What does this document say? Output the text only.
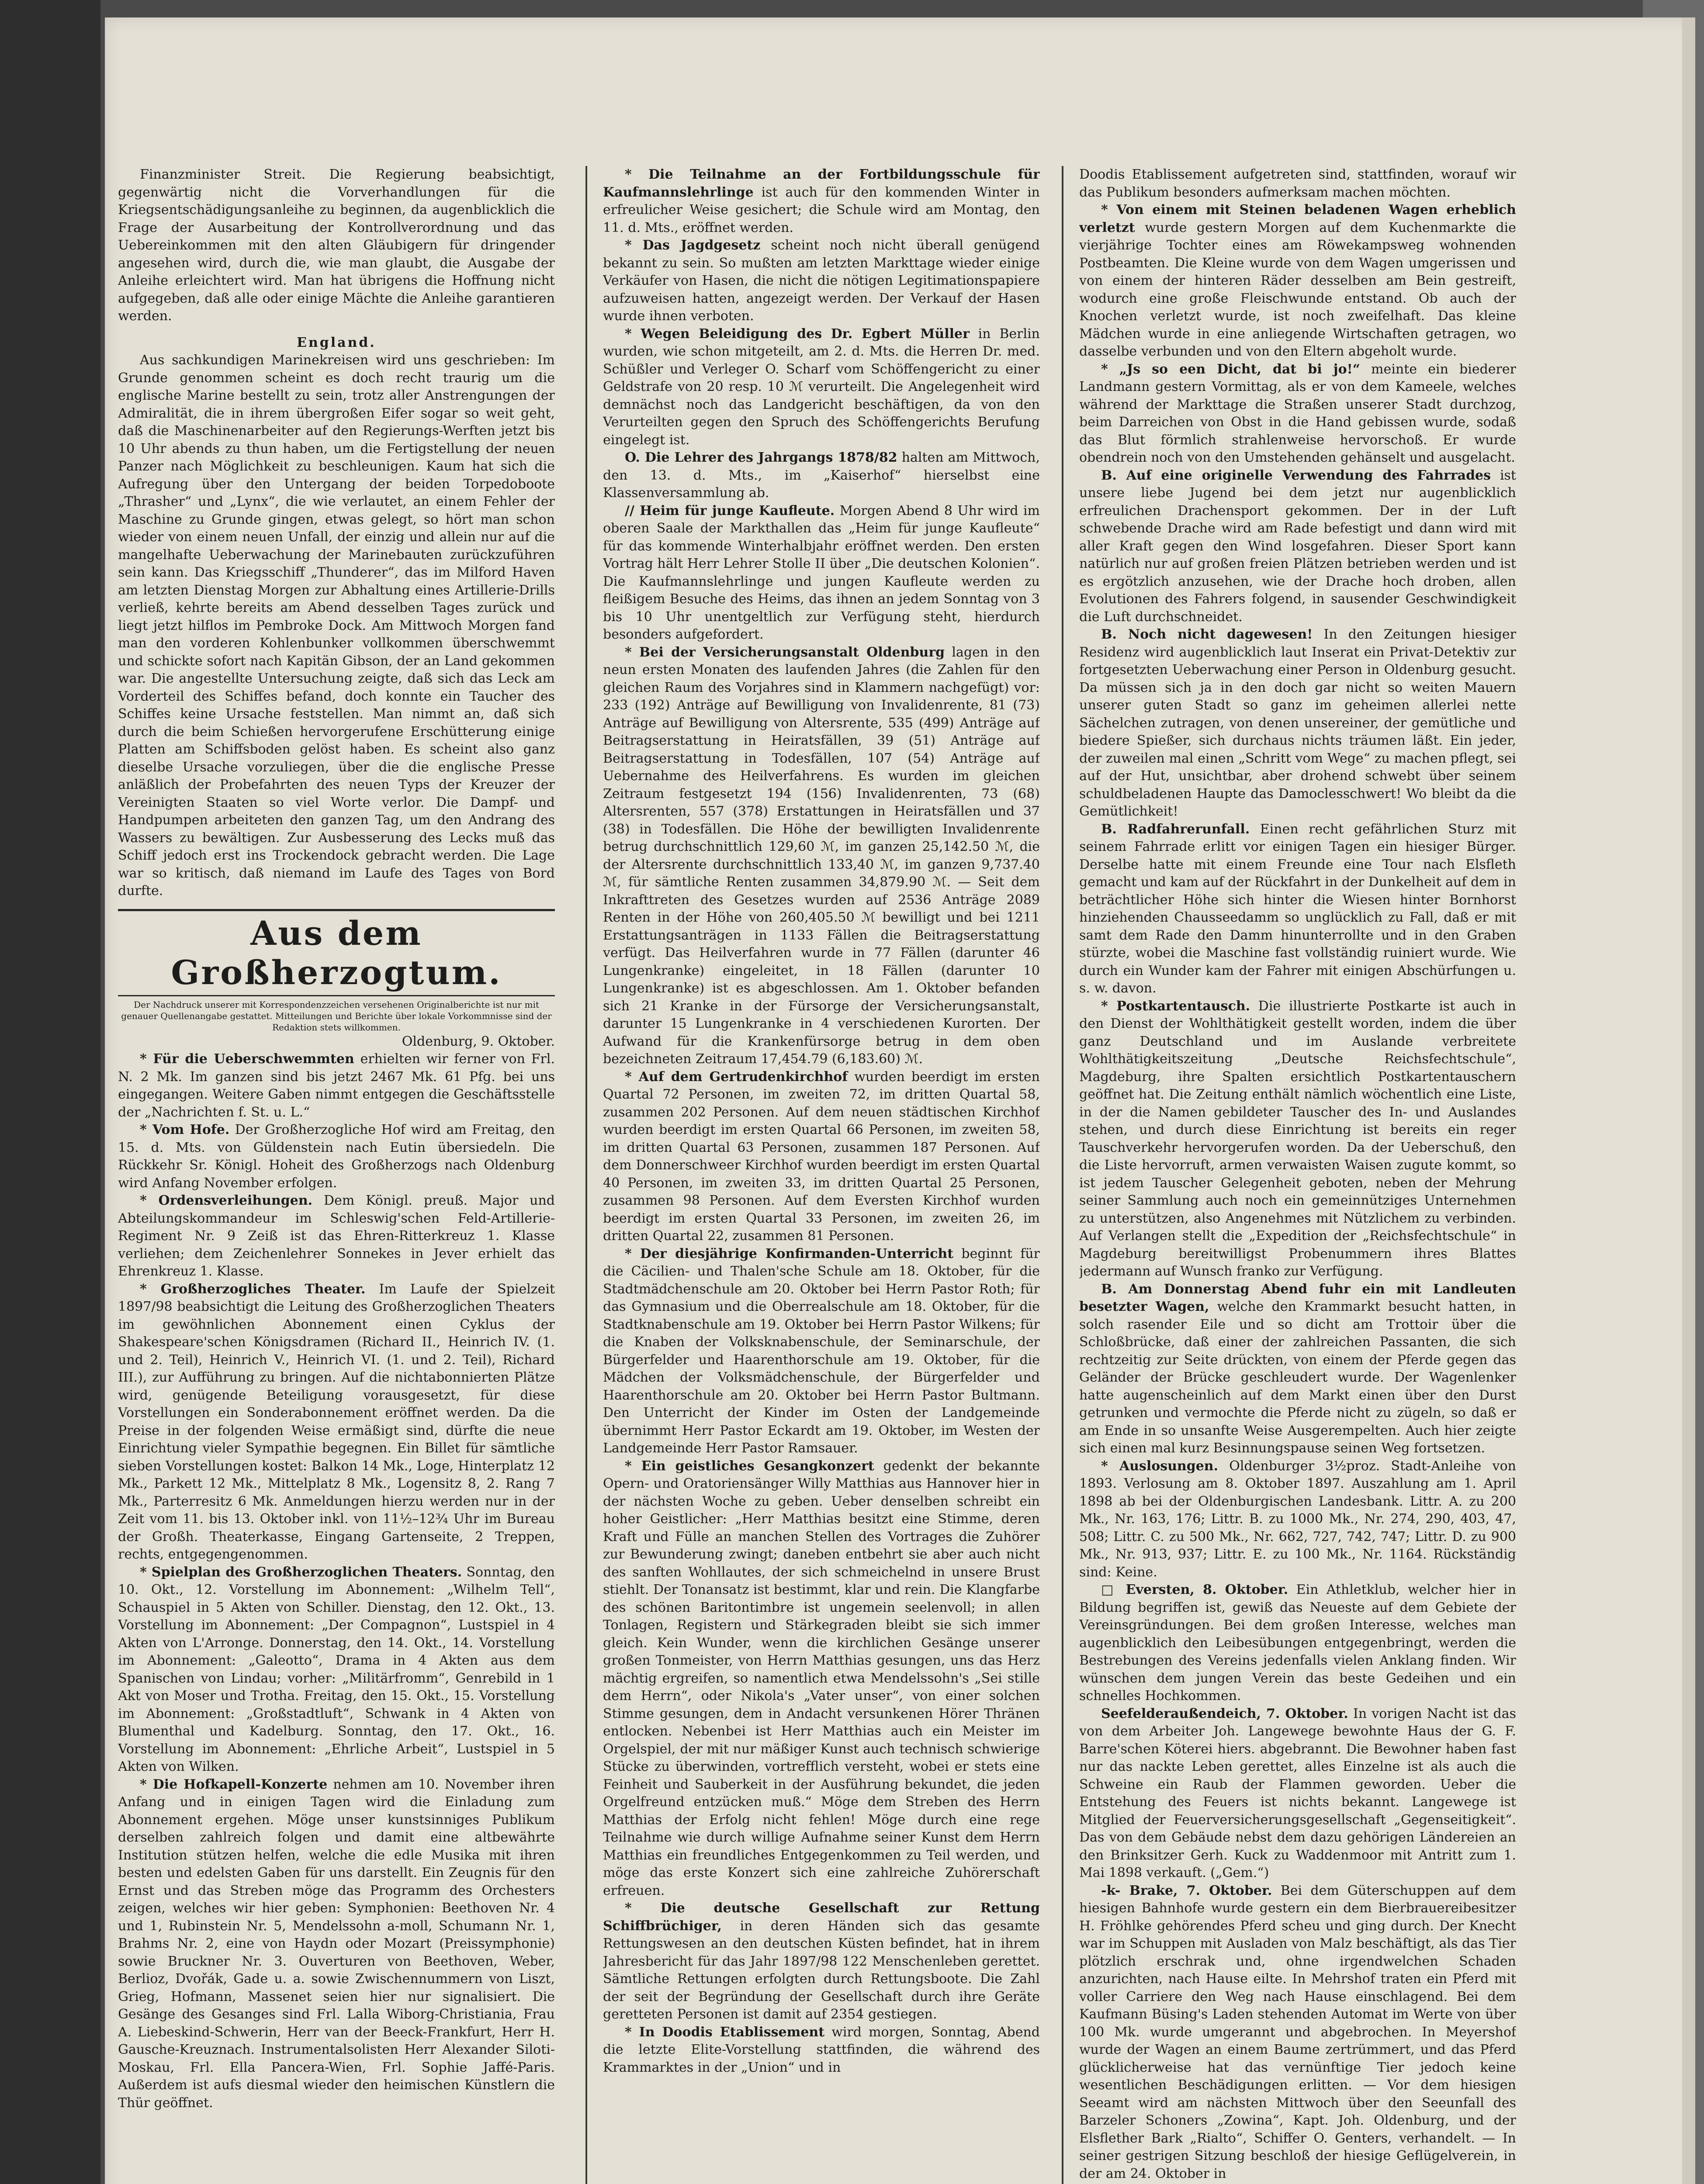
Finanzminister Streit. Die Regierung beabsichtigt, gegenwärtig nicht die Vorverhandlungen für die Kriegsentschädigungsanleihe zu beginnen, da augenblicklich die Frage der Ausarbeitung der Kontrollverordnung und das Uebereinkommen mit den alten Gläubigern für dringender angesehen wird, durch die, wie man glaubt, die Ausgabe der Anleihe erleichtert wird. Man hat übrigens die Hoffnung nicht aufgegeben, daß alle oder einige Mächte die Anleihe garantieren werden.

England.

Aus sachkundigen Marinekreisen wird uns geschrieben: Im Grunde genommen scheint es doch recht traurig um die englische Marine bestellt zu sein, trotz aller Anstrengungen der Admiralität, die in ihrem übergroßen Eifer sogar so weit geht, daß die Maschinenarbeiter auf den Regierungs-Werften jetzt bis 10 Uhr abends zu thun haben, um die Fertigstellung der neuen Panzer nach Möglichkeit zu beschleunigen. Kaum hat sich die Aufregung über den Untergang der beiden Torpedoboote „Thrasher“ und „Lynx“, die wie verlautet, an einem Fehler der Maschine zu Grunde gingen, etwas gelegt, so hört man schon wieder von einem neuen Unfall, der einzig und allein nur auf die mangelhafte Ueberwachung der Marinebauten zurückzuführen sein kann. Das Kriegsschiff „Thunderer“, das im Milford Haven am letzten Dienstag Morgen zur Abhaltung eines Artillerie-Drills verließ, kehrte bereits am Abend desselben Tages zurück und liegt jetzt hilflos im Pembroke Dock. Am Mittwoch Morgen fand man den vorderen Kohlenbunker vollkommen überschwemmt und schickte sofort nach Kapitän Gibson, der an Land gekommen war. Die angestellte Untersuchung zeigte, daß sich das Leck am Vorderteil des Schiffes befand, doch konnte ein Taucher des Schiffes keine Ursache feststellen. Man nimmt an, daß sich durch die beim Schießen hervorgerufene Erschütterung einige Platten am Schiffsboden gelöst haben. Es scheint also ganz dieselbe Ursache vorzuliegen, über die die englische Presse anläßlich der Probefahrten des neuen Typs der Kreuzer der Vereinigten Staaten so viel Worte verlor. Die Dampf- und Handpumpen arbeiteten den ganzen Tag, um den Andrang des Wassers zu bewältigen. Zur Ausbesserung des Lecks muß das Schiff jedoch erst ins Trockendock gebracht werden. Die Lage war so kritisch, daß niemand im Laufe des Tages von Bord durfte.

Aus dem Großherzogtum.

Der Nachdruck unserer mit Korrespondenzzeichen versehenen Originalberichte ist nur mit genauer Quellenangabe gestattet. Mitteilungen und Berichte über lokale Vorkommnisse sind der Redaktion stets willkommen.

Oldenburg, 9. Oktober.

* Für die Ueberschwemmten erhielten wir ferner von Frl. N. 2 Mk. Im ganzen sind bis jetzt 2467 Mk. 61 Pfg. bei uns eingegangen. Weitere Gaben nimmt entgegen die Geschäftsstelle der „Nachrichten f. St. u. L.“

* Vom Hofe. Der Großherzogliche Hof wird am Freitag, den 15. d. Mts. von Güldenstein nach Eutin übersiedeln. Die Rückkehr Sr. Königl. Hoheit des Großherzogs nach Oldenburg wird Anfang November erfolgen.

* Ordensverleihungen. Dem Königl. preuß. Major und Abteilungskommandeur im Schleswig'schen Feld-Artillerie-Regiment Nr. 9 Zeiß ist das Ehren-Ritterkreuz 1. Klasse verliehen; dem Zeichenlehrer Sonnekes in Jever erhielt das Ehrenkreuz 1. Klasse.

* Großherzogliches Theater. Im Laufe der Spielzeit 1897/98 beabsichtigt die Leitung des Großherzoglichen Theaters im gewöhnlichen Abonnement einen Cyklus der Shakespeare'schen Königsdramen (Richard II., Heinrich IV. (1. und 2. Teil), Heinrich V., Heinrich VI. (1. und 2. Teil), Richard III.), zur Aufführung zu bringen. Auf die nichtabonnierten Plätze wird, genügende Beteiligung vorausgesetzt, für diese Vorstellungen ein Sonderabonnement eröffnet werden. Da die Preise in der folgenden Weise ermäßigt sind, dürfte die neue Einrichtung vieler Sympathie begegnen. Ein Billet für sämtliche sieben Vorstellungen kostet: Balkon 14 Mk., Loge, Hinterplatz 12 Mk., Parkett 12 Mk., Mittelplatz 8 Mk., Logensitz 8, 2. Rang 7 Mk., Parterresitz 6 Mk. Anmeldungen hierzu werden nur in der Zeit vom 11. bis 13. Oktober inkl. von 11½–12¾ Uhr im Bureau der Großh. Theaterkasse, Eingang Gartenseite, 2 Treppen, rechts, entgegengenommen.

* Spielplan des Großherzoglichen Theaters. Sonntag, den 10. Okt., 12. Vorstellung im Abonnement: „Wilhelm Tell“, Schauspiel in 5 Akten von Schiller. Dienstag, den 12. Okt., 13. Vorstellung im Abonnement: „Der Compagnon“, Lustspiel in 4 Akten von L'Arronge. Donnerstag, den 14. Okt., 14. Vorstellung im Abonnement: „Galeotto“, Drama in 4 Akten aus dem Spanischen von Lindau; vorher: „Militärfromm“, Genrebild in 1 Akt von Moser und Trotha. Freitag, den 15. Okt., 15. Vorstellung im Abonnement: „Großstadtluft“, Schwank in 4 Akten von Blumenthal und Kadelburg. Sonntag, den 17. Okt., 16. Vorstellung im Abonnement: „Ehrliche Arbeit“, Lustspiel in 5 Akten von Wilken.

* Die Hofkapell-Konzerte nehmen am 10. November ihren Anfang und in einigen Tagen wird die Einladung zum Abonnement ergehen. Möge unser kunstsinniges Publikum derselben zahlreich folgen und damit eine altbewährte Institution stützen helfen, welche die edle Musika mit ihren besten und edelsten Gaben für uns darstellt. Ein Zeugnis für den Ernst und das Streben möge das Programm des Orchesters zeigen, welches wir hier geben: Symphonien: Beethoven Nr. 4 und 1, Rubinstein Nr. 5, Mendelssohn a-moll, Schumann Nr. 1, Brahms Nr. 2, eine von Haydn oder Mozart (Preissymphonie) sowie Bruckner Nr. 3. Ouverturen von Beethoven, Weber, Berlioz, Dvořák, Gade u. a. sowie Zwischennummern von Liszt, Grieg, Hofmann, Massenet seien hier nur signalisiert. Die Gesänge des Gesanges sind Frl. Lalla Wiborg-Christiania, Frau A. Liebeskind-Schwerin, Herr van der Beeck-Frankfurt, Herr H. Gausche-Kreuznach. Instrumentalsolisten Herr Alexander Siloti-Moskau, Frl. Ella Pancera-Wien, Frl. Sophie Jaffé-Paris. Außerdem ist aufs diesmal wieder den heimischen Künstlern die Thür geöffnet.

* Die Teilnahme an der Fortbildungsschule für Kaufmannslehrlinge ist auch für den kommenden Winter in erfreulicher Weise gesichert; die Schule wird am Montag, den 11. d. Mts., eröffnet werden.

* Das Jagdgesetz scheint noch nicht überall genügend bekannt zu sein. So mußten am letzten Markttage wieder einige Verkäufer von Hasen, die nicht die nötigen Legitimationspapiere aufzuweisen hatten, angezeigt werden. Der Verkauf der Hasen wurde ihnen verboten.

* Wegen Beleidigung des Dr. Egbert Müller in Berlin wurden, wie schon mitgeteilt, am 2. d. Mts. die Herren Dr. med. Schüßler und Verleger O. Scharf vom Schöffengericht zu einer Geldstrafe von 20 resp. 10 ℳ verurteilt. Die Angelegenheit wird demnächst noch das Landgericht beschäftigen, da von den Verurteilten gegen den Spruch des Schöffengerichts Berufung eingelegt ist.

O. Die Lehrer des Jahrgangs 1878/82 halten am Mittwoch, den 13. d. Mts., im „Kaiserhof“ hierselbst eine Klassenversammlung ab.

// Heim für junge Kaufleute. Morgen Abend 8 Uhr wird im oberen Saale der Markthallen das „Heim für junge Kaufleute“ für das kommende Winterhalbjahr eröffnet werden. Den ersten Vortrag hält Herr Lehrer Stolle II über „Die deutschen Kolonien“. Die Kaufmannslehrlinge und jungen Kaufleute werden zu fleißigem Besuche des Heims, das ihnen an jedem Sonntag von 3 bis 10 Uhr unentgeltlich zur Verfügung steht, hierdurch besonders aufgefordert.

* Bei der Versicherungsanstalt Oldenburg lagen in den neun ersten Monaten des laufenden Jahres (die Zahlen für den gleichen Raum des Vorjahres sind in Klammern nachgefügt) vor: 233 (192) Anträge auf Bewilligung von Invalidenrente, 81 (73) Anträge auf Bewilligung von Altersrente, 535 (499) Anträge auf Beitragserstattung in Heiratsfällen, 39 (51) Anträge auf Beitragserstattung in Todesfällen, 107 (54) Anträge auf Uebernahme des Heilverfahrens. Es wurden im gleichen Zeitraum festgesetzt 194 (156) Invalidenrenten, 73 (68) Altersrenten, 557 (378) Erstattungen in Heiratsfällen und 37 (38) in Todesfällen. Die Höhe der bewilligten Invalidenrente betrug durchschnittlich 129,60 ℳ, im ganzen 25,142.50 ℳ, die der Altersrente durchschnittlich 133,40 ℳ, im ganzen 9,737.40 ℳ, für sämtliche Renten zusammen 34,879.90 ℳ. — Seit dem Inkrafttreten des Gesetzes wurden auf 2536 Anträge 2089 Renten in der Höhe von 260,405.50 ℳ bewilligt und bei 1211 Erstattungsanträgen in 1133 Fällen die Beitragserstattung verfügt. Das Heilverfahren wurde in 77 Fällen (darunter 46 Lungenkranke) eingeleitet, in 18 Fällen (darunter 10 Lungenkranke) ist es abgeschlossen. Am 1. Oktober befanden sich 21 Kranke in der Fürsorge der Versicherungsanstalt, darunter 15 Lungenkranke in 4 verschiedenen Kurorten. Der Aufwand für die Krankenfürsorge betrug in dem oben bezeichneten Zeitraum 17,454.79 (6,183.60) ℳ.

* Auf dem Gertrudenkirchhof wurden beerdigt im ersten Quartal 72 Personen, im zweiten 72, im dritten Quartal 58, zusammen 202 Personen. Auf dem neuen städtischen Kirchhof wurden beerdigt im ersten Quartal 66 Personen, im zweiten 58, im dritten Quartal 63 Personen, zusammen 187 Personen. Auf dem Donnerschweer Kirchhof wurden beerdigt im ersten Quartal 40 Personen, im zweiten 33, im dritten Quartal 25 Personen, zusammen 98 Personen. Auf dem Eversten Kirchhof wurden beerdigt im ersten Quartal 33 Personen, im zweiten 26, im dritten Quartal 22, zusammen 81 Personen.

* Der diesjährige Konfirmanden-Unterricht beginnt für die Cäcilien- und Thalen'sche Schule am 18. Oktober, für die Stadtmädchenschule am 20. Oktober bei Herrn Pastor Roth; für das Gymnasium und die Oberrealschule am 18. Oktober, für die Stadtknabenschule am 19. Oktober bei Herrn Pastor Wilkens; für die Knaben der Volksknabenschule, der Seminarschule, der Bürgerfelder und Haarenthorschule am 19. Oktober, für die Mädchen der Volksmädchenschule, der Bürgerfelder und Haarenthorschule am 20. Oktober bei Herrn Pastor Bultmann. Den Unterricht der Kinder im Osten der Landgemeinde übernimmt Herr Pastor Eckardt am 19. Oktober, im Westen der Landgemeinde Herr Pastor Ramsauer.

* Ein geistliches Gesangkonzert gedenkt der bekannte Opern- und Oratoriensänger Willy Matthias aus Hannover hier in der nächsten Woche zu geben. Ueber denselben schreibt ein hoher Geistlicher: „Herr Matthias besitzt eine Stimme, deren Kraft und Fülle an manchen Stellen des Vortrages die Zuhörer zur Bewunderung zwingt; daneben entbehrt sie aber auch nicht des sanften Wohllautes, der sich schmeichelnd in unsere Brust stiehlt. Der Tonansatz ist bestimmt, klar und rein. Die Klangfarbe des schönen Baritontimbre ist ungemein seelenvoll; in allen Tonlagen, Registern und Stärkegraden bleibt sie sich immer gleich. Kein Wunder, wenn die kirchlichen Gesänge unserer großen Tonmeister, von Herrn Matthias gesungen, uns das Herz mächtig ergreifen, so namentlich etwa Mendelssohn's „Sei stille dem Herrn“, oder Nikola's „Vater unser“, von einer solchen Stimme gesungen, dem in Andacht versunkenen Hörer Thränen entlocken. Nebenbei ist Herr Matthias auch ein Meister im Orgelspiel, der mit nur mäßiger Kunst auch technisch schwierige Stücke zu überwinden, vortrefflich versteht, wobei er stets eine Feinheit und Sauberkeit in der Ausführung bekundet, die jeden Orgelfreund entzücken muß.“ Möge dem Streben des Herrn Matthias der Erfolg nicht fehlen! Möge durch eine rege Teilnahme wie durch willige Aufnahme seiner Kunst dem Herrn Matthias ein freundliches Entgegenkommen zu Teil werden, und möge das erste Konzert sich eine zahlreiche Zuhörerschaft erfreuen.

* Die deutsche Gesellschaft zur Rettung Schiffbrüchiger, in deren Händen sich das gesamte Rettungswesen an den deutschen Küsten befindet, hat in ihrem Jahresbericht für das Jahr 1897/98 122 Menschenleben gerettet. Sämtliche Rettungen erfolgten durch Rettungsboote. Die Zahl der seit der Begründung der Gesellschaft durch ihre Geräte geretteten Personen ist damit auf 2354 gestiegen.

* In Doodis Etablissement wird morgen, Sonntag, Abend die letzte Elite-Vorstellung stattfinden, die während des Krammarktes in der „Union“ und in

Doodis Etablissement aufgetreten sind, stattfinden, worauf wir das Publikum besonders aufmerksam machen möchten.

* Von einem mit Steinen beladenen Wagen erheblich verletzt wurde gestern Morgen auf dem Kuchenmarkte die vierjährige Tochter eines am Röwekampsweg wohnenden Postbeamten. Die Kleine wurde von dem Wagen umgerissen und von einem der hinteren Räder desselben am Bein gestreift, wodurch eine große Fleischwunde entstand. Ob auch der Knochen verletzt wurde, ist noch zweifelhaft. Das kleine Mädchen wurde in eine anliegende Wirtschaften getragen, wo dasselbe verbunden und von den Eltern abgeholt wurde.

* „Js so een Dicht, dat bi jo!“ meinte ein biederer Landmann gestern Vormittag, als er von dem Kameele, welches während der Markttage die Straßen unserer Stadt durchzog, beim Darreichen von Obst in die Hand gebissen wurde, sodaß das Blut förmlich strahlenweise hervorschoß. Er wurde obendrein noch von den Umstehenden gehänselt und ausgelacht.

B. Auf eine originelle Verwendung des Fahrrades ist unsere liebe Jugend bei dem jetzt nur augenblicklich erfreulichen Drachensport gekommen. Der in der Luft schwebende Drache wird am Rade befestigt und dann wird mit aller Kraft gegen den Wind losgefahren. Dieser Sport kann natürlich nur auf großen freien Plätzen betrieben werden und ist es ergötzlich anzusehen, wie der Drache hoch droben, allen Evolutionen des Fahrers folgend, in sausender Geschwindigkeit die Luft durchschneidet.

B. Noch nicht dagewesen! In den Zeitungen hiesiger Residenz wird augenblicklich laut Inserat ein Privat-Detektiv zur fortgesetzten Ueberwachung einer Person in Oldenburg gesucht. Da müssen sich ja in den doch gar nicht so weiten Mauern unserer guten Stadt so ganz im geheimen allerlei nette Sächelchen zutragen, von denen unsereiner, der gemütliche und biedere Spießer, sich durchaus nichts träumen läßt. Ein jeder, der zuweilen mal einen „Schritt vom Wege“ zu machen pflegt, sei auf der Hut, unsichtbar, aber drohend schwebt über seinem schuldbeladenen Haupte das Damoclesschwert! Wo bleibt da die Gemütlichkeit!

B. Radfahrerunfall. Einen recht gefährlichen Sturz mit seinem Fahrrade erlitt vor einigen Tagen ein hiesiger Bürger. Derselbe hatte mit einem Freunde eine Tour nach Elsfleth gemacht und kam auf der Rückfahrt in der Dunkelheit auf dem in beträchtlicher Höhe sich hinter die Wiesen hinter Bornhorst hinziehenden Chausseedamm so unglücklich zu Fall, daß er mit samt dem Rade den Damm hinunterrollte und in den Graben stürzte, wobei die Maschine fast vollständig ruiniert wurde. Wie durch ein Wunder kam der Fahrer mit einigen Abschürfungen u. s. w. davon.

* Postkartentausch. Die illustrierte Postkarte ist auch in den Dienst der Wohlthätigkeit gestellt worden, indem die über ganz Deutschland und im Auslande verbreitete Wohlthätigkeitszeitung „Deutsche Reichsfechtschule“, Magdeburg, ihre Spalten ersichtlich Postkartentauschern geöffnet hat. Die Zeitung enthält nämlich wöchentlich eine Liste, in der die Namen gebildeter Tauscher des In- und Auslandes stehen, und durch diese Einrichtung ist bereits ein reger Tauschverkehr hervorgerufen worden. Da der Ueberschuß, den die Liste hervorruft, armen verwaisten Waisen zugute kommt, so ist jedem Tauscher Gelegenheit geboten, neben der Mehrung seiner Sammlung auch noch ein gemeinnütziges Unternehmen zu unterstützen, also Angenehmes mit Nützlichem zu verbinden. Auf Verlangen stellt die „Expedition der „Reichsfechtschule“ in Magdeburg bereitwilligst Probenummern ihres Blattes jedermann auf Wunsch franko zur Verfügung.

B. Am Donnerstag Abend fuhr ein mit Landleuten besetzter Wagen, welche den Krammarkt besucht hatten, in solch rasender Eile und so dicht am Trottoir über die Schloßbrücke, daß einer der zahlreichen Passanten, die sich rechtzeitig zur Seite drückten, von einem der Pferde gegen das Geländer der Brücke geschleudert wurde. Der Wagenlenker hatte augenscheinlich auf dem Markt einen über den Durst getrunken und vermochte die Pferde nicht zu zügeln, so daß er am Ende in so unsanfte Weise Ausgerempelten. Auch hier zeigte sich einen mal kurz Besinnungspause seinen Weg fortsetzen.

* Auslosungen. Oldenburger 3½proz. Stadt-Anleihe von 1893. Verlosung am 8. Oktober 1897. Auszahlung am 1. April 1898 ab bei der Oldenburgischen Landesbank. Littr. A. zu 200 Mk., Nr. 163, 176; Littr. B. zu 1000 Mk., Nr. 274, 290, 403, 47, 508; Littr. C. zu 500 Mk., Nr. 662, 727, 742, 747; Littr. D. zu 900 Mk., Nr. 913, 937; Littr. E. zu 100 Mk., Nr. 1164. Rückständig sind: Keine.

□ Eversten, 8. Oktober. Ein Athletklub, welcher hier in Bildung begriffen ist, gewiß das Neueste auf dem Gebiete der Vereinsgründungen. Bei dem großen Interesse, welches man augenblicklich den Leibesübungen entgegenbringt, werden die Bestrebungen des Vereins jedenfalls vielen Anklang finden. Wir wünschen dem jungen Verein das beste Gedeihen und ein schnelles Hochkommen.

Seefelderaußendeich, 7. Oktober. In vorigen Nacht ist das von dem Arbeiter Joh. Langewege bewohnte Haus der G. F. Barre'schen Köterei hiers. abgebrannt. Die Bewohner haben fast nur das nackte Leben gerettet, alles Einzelne ist als auch die Schweine ein Raub der Flammen geworden. Ueber die Entstehung des Feuers ist nichts bekannt. Langewege ist Mitglied der Feuerversicherungsgesellschaft „Gegenseitigkeit“. Das von dem Gebäude nebst dem dazu gehörigen Ländereien an den Brinksitzer Gerh. Kuck zu Waddenmoor mit Antritt zum 1. Mai 1898 verkauft. („Gem.“)

-k- Brake, 7. Oktober. Bei dem Güterschuppen auf dem hiesigen Bahnhofe wurde gestern ein dem Bierbrauereibesitzer H. Fröhlke gehörendes Pferd scheu und ging durch. Der Knecht war im Schuppen mit Ausladen von Malz beschäftigt, als das Tier plötzlich erschrak und, ohne irgendwelchen Schaden anzurichten, nach Hause eilte. In Mehrshof traten ein Pferd mit voller Carriere den Weg nach Hause einschlagend. Bei dem Kaufmann Büsing's Laden stehenden Automat im Werte von über 100 Mk. wurde umgerannt und abgebrochen. In Meyershof wurde der Wagen an einem Baume zertrümmert, und das Pferd glücklicherweise hat das vernünftige Tier jedoch keine wesentlichen Beschädigungen erlitten. — Vor dem hiesigen Seeamt wird am nächsten Mittwoch über den Seeunfall des Barzeler Schoners „Zowina“, Kapt. Joh. Oldenburg, und der Elsflether Bark „Rialto“, Schiffer O. Genters, verhandelt. — In seiner gestrigen Sitzung beschloß der hiesige Geflügelverein, in der am 24. Oktober in
